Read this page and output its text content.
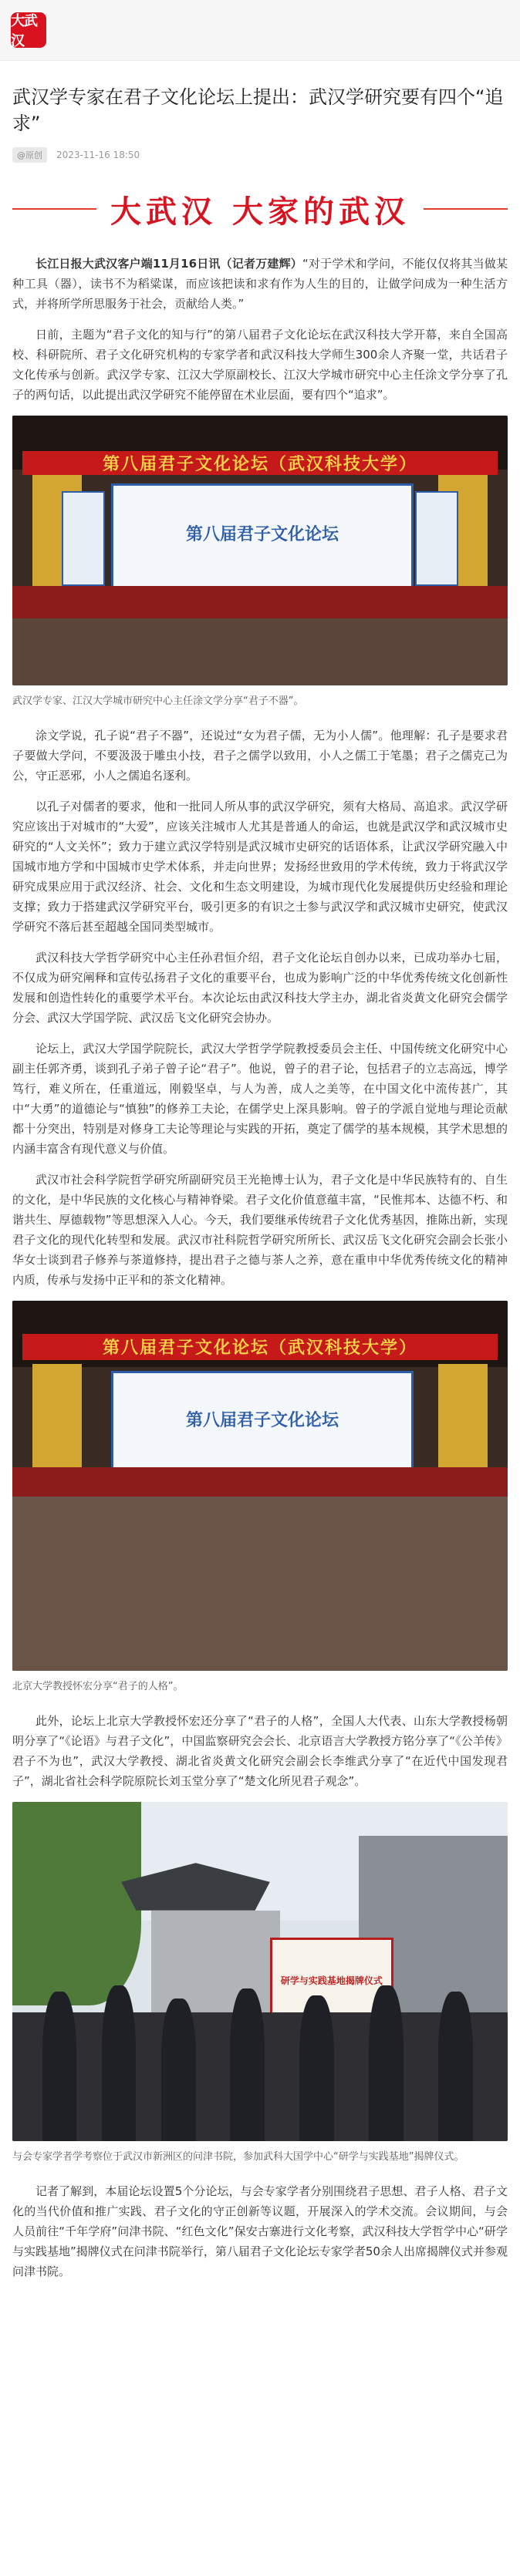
大武汉
武汉学专家在君子文化论坛上提出：武汉学研究要有四个“追求”
@原创	2023-11-16 18:50
大武汉 大家的武汉

长江日报大武汉客户端11月16日讯（记者万建辉）“对于学术和学问，不能仅仅将其当做某种工具（器），读书不为稻粱谋，而应该把读和求有作为人生的目的，让做学问成为一种生活方式，并将所学所思服务于社会，贡献给人类。”

日前，主题为“君子文化的知与行”的第八届君子文化论坛在武汉科技大学开幕，来自全国高校、科研院所、君子文化研究机构的专家学者和武汉科技大学师生300余人齐聚一堂，共话君子文化传承与创新。武汉学专家、江汉大学原副校长、江汉大学城市研究中心主任涂文学分享了孔子的两句话，以此提出武汉学研究不能停留在术业层面，要有四个“追求”。

第八届君子文化论坛（武汉科技大学）
第八届君子文化论坛
武汉学专家、江汉大学城市研究中心主任涂文学分享“君子不器”。

涂文学说，孔子说“君子不器”，还说过“女为君子儒，无为小人儒”。他理解：孔子是要求君子要做大学问，不要汲汲于雕虫小技，君子之儒学以致用，小人之儒工于笔墨；君子之儒克己为公，守正恶邪，小人之儒追名逐利。

以孔子对儒者的要求，他和一批同人所从事的武汉学研究，须有大格局、高追求。武汉学研究应该出于对城市的“大爱”，应该关注城市人尤其是普通人的命运，也就是武汉学和武汉城市史研究的“人文关怀”；致力于建立武汉学特别是武汉城市史研究的话语体系，让武汉学研究融入中国城市地方学和中国城市史学术体系，并走向世界；发扬经世致用的学术传统，致力于将武汉学研究成果应用于武汉经济、社会、文化和生态文明建设，为城市现代化发展提供历史经验和理论支撑；致力于搭建武汉学研究平台，吸引更多的有识之士参与武汉学和武汉城市史研究，使武汉学研究不落后甚至超越全国同类型城市。

武汉科技大学哲学研究中心主任孙君恒介绍，君子文化论坛自创办以来，已成功举办七届，不仅成为研究阐释和宣传弘扬君子文化的重要平台，也成为影响广泛的中华优秀传统文化创新性发展和创造性转化的重要学术平台。本次论坛由武汉科技大学主办，湖北省炎黄文化研究会儒学分会、武汉大学国学院、武汉岳飞文化研究会协办。

论坛上，武汉大学国学院院长，武汉大学哲学学院教授委员会主任、中国传统文化研究中心副主任郭齐勇，谈到孔子弟子曾子论“君子”。他说，曾子的君子论，包括君子的立志高远，博学笃行，难义所在，任重道远，刚毅坚卓，与人为善，成人之美等，在中国文化中流传甚广，其中“大勇”的道德论与“慎独”的修养工夫论，在儒学史上深具影响。曾子的学派自觉地与理论贡献都十分突出，特别是对修身工夫论等理论与实践的开拓，奠定了儒学的基本规模，其学术思想的内涵丰富含有现代意义与价值。

武汉市社会科学院哲学研究所副研究员王光艳博士认为，君子文化是中华民族特有的、自生的文化，是中华民族的文化核心与精神脊梁。君子文化价值意蕴丰富，“民惟邦本、达德不朽、和谐共生、厚德载物”等思想深入人心。今天，我们要继承传统君子文化优秀基因，推陈出新，实现君子文化的现代化转型和发展。武汉市社科院哲学研究所所长、武汉岳飞文化研究会副会长张小华女士谈到君子修养与茶道修持，提出君子之德与茶人之养，意在重申中华优秀传统文化的精神内质，传承与发扬中正平和的茶文化精神。

第八届君子文化论坛（武汉科技大学）
第八届君子文化论坛
北京大学教授怀宏分享“君子的人格”。

此外，论坛上北京大学教授怀宏还分享了“君子的人格”，全国人大代表、山东大学教授杨朝明分享了“《论语》与君子文化”，中国监察研究会会长、北京语言大学教授方铭分享了“《公羊传》君子不为也”，武汉大学教授、湖北省炎黄文化研究会副会长李维武分享了“在近代中国发现君子”，湖北省社会科学院原院长刘玉堂分享了“楚文化所见君子观念”。

研学与实践基地揭牌仪式
与会专家学者学考察位于武汉市新洲区的问津书院，参加武科大国学中心“研学与实践基地”揭牌仪式。

记者了解到，本届论坛设置5个分论坛，与会专家学者分别围绕君子思想、君子人格、君子文化的当代价值和推广实践、君子文化的守正创新等议题，开展深入的学术交流。会议期间，与会人员前往“千年学府”问津书院、“红色文化”保安古寨进行文化考察，武汉科技大学哲学中心“研学与实践基地”揭牌仪式在问津书院举行，第八届君子文化论坛专家学者50余人出席揭牌仪式并参观问津书院。
